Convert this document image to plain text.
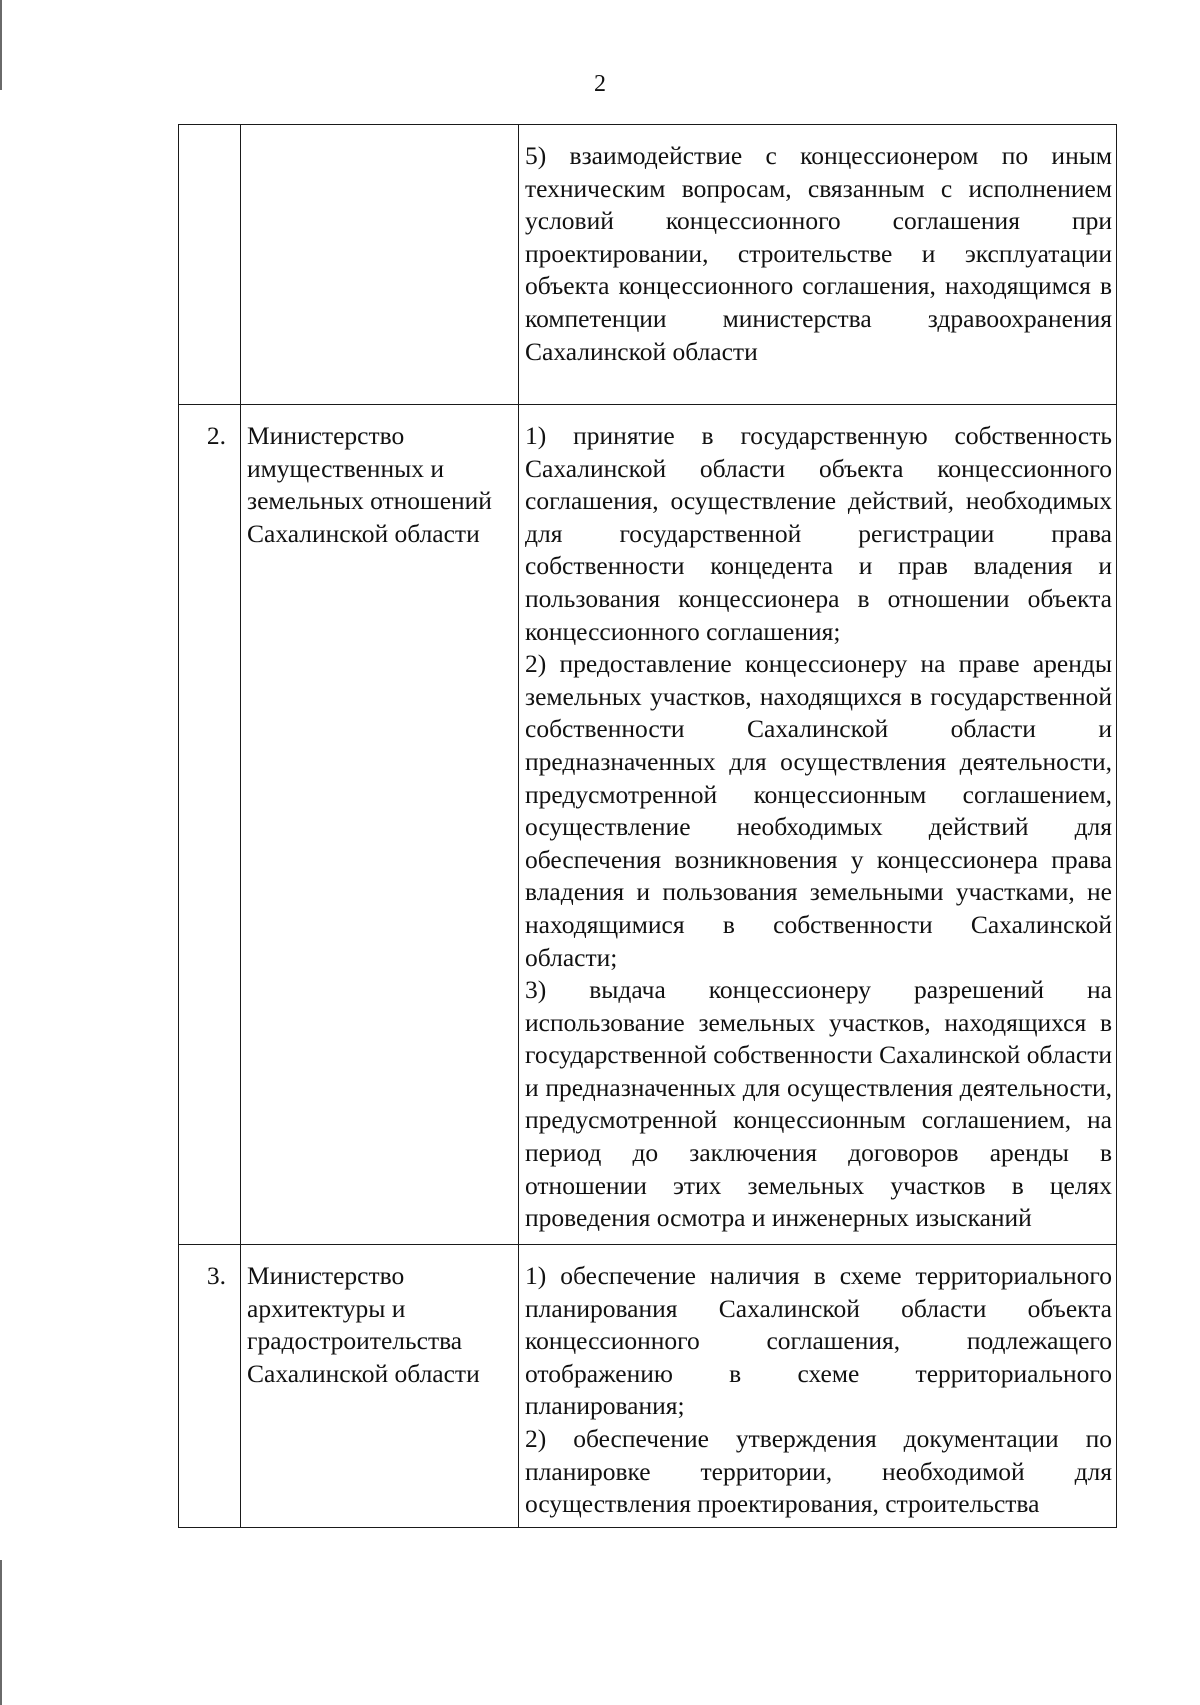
2

		5) взаимодействие с концессионером по иным техническим вопросам, связанным с исполнением условий концессионного соглашения при проектировании, строительстве и эксплуатации объекта концессионного соглашения, находящимся в компетенции министерства здравоохранения Сахалинской области

2.	Министерство имущественных и земельных отношений Сахалинской области	1) принятие в государственную собственность Сахалинской области объекта концессионного соглашения, осуществление действий, необходимых для государственной регистрации права собственности концедента и прав владения и пользования концессионера в отношении объекта концессионного соглашения;
2) предоставление концессионеру на праве аренды земельных участков, находящихся в государственной собственности Сахалинской области и предназначенных для осуществления деятельности, предусмотренной концессионным соглашением, осуществление необходимых действий для обеспечения возникновения у концессионера права владения и пользования земельными участками, не находящимися в собственности Сахалинской области;
3) выдача концессионеру разрешений на использование земельных участков, находящихся в государственной собственности Сахалинской области и предназначенных для осуществления деятельности, предусмотренной концессионным соглашением, на период до заключения договоров аренды в отношении этих земельных участков в целях проведения осмотра и инженерных изысканий

3.	Министерство архитектуры и градостроительства Сахалинской области	1) обеспечение наличия в схеме территориального планирования Сахалинской области объекта концессионного соглашения, подлежащего отображению в схеме территориального планирования;
2) обеспечение утверждения документации по планировке территории, необходимой для осуществления проектирования, строительства
